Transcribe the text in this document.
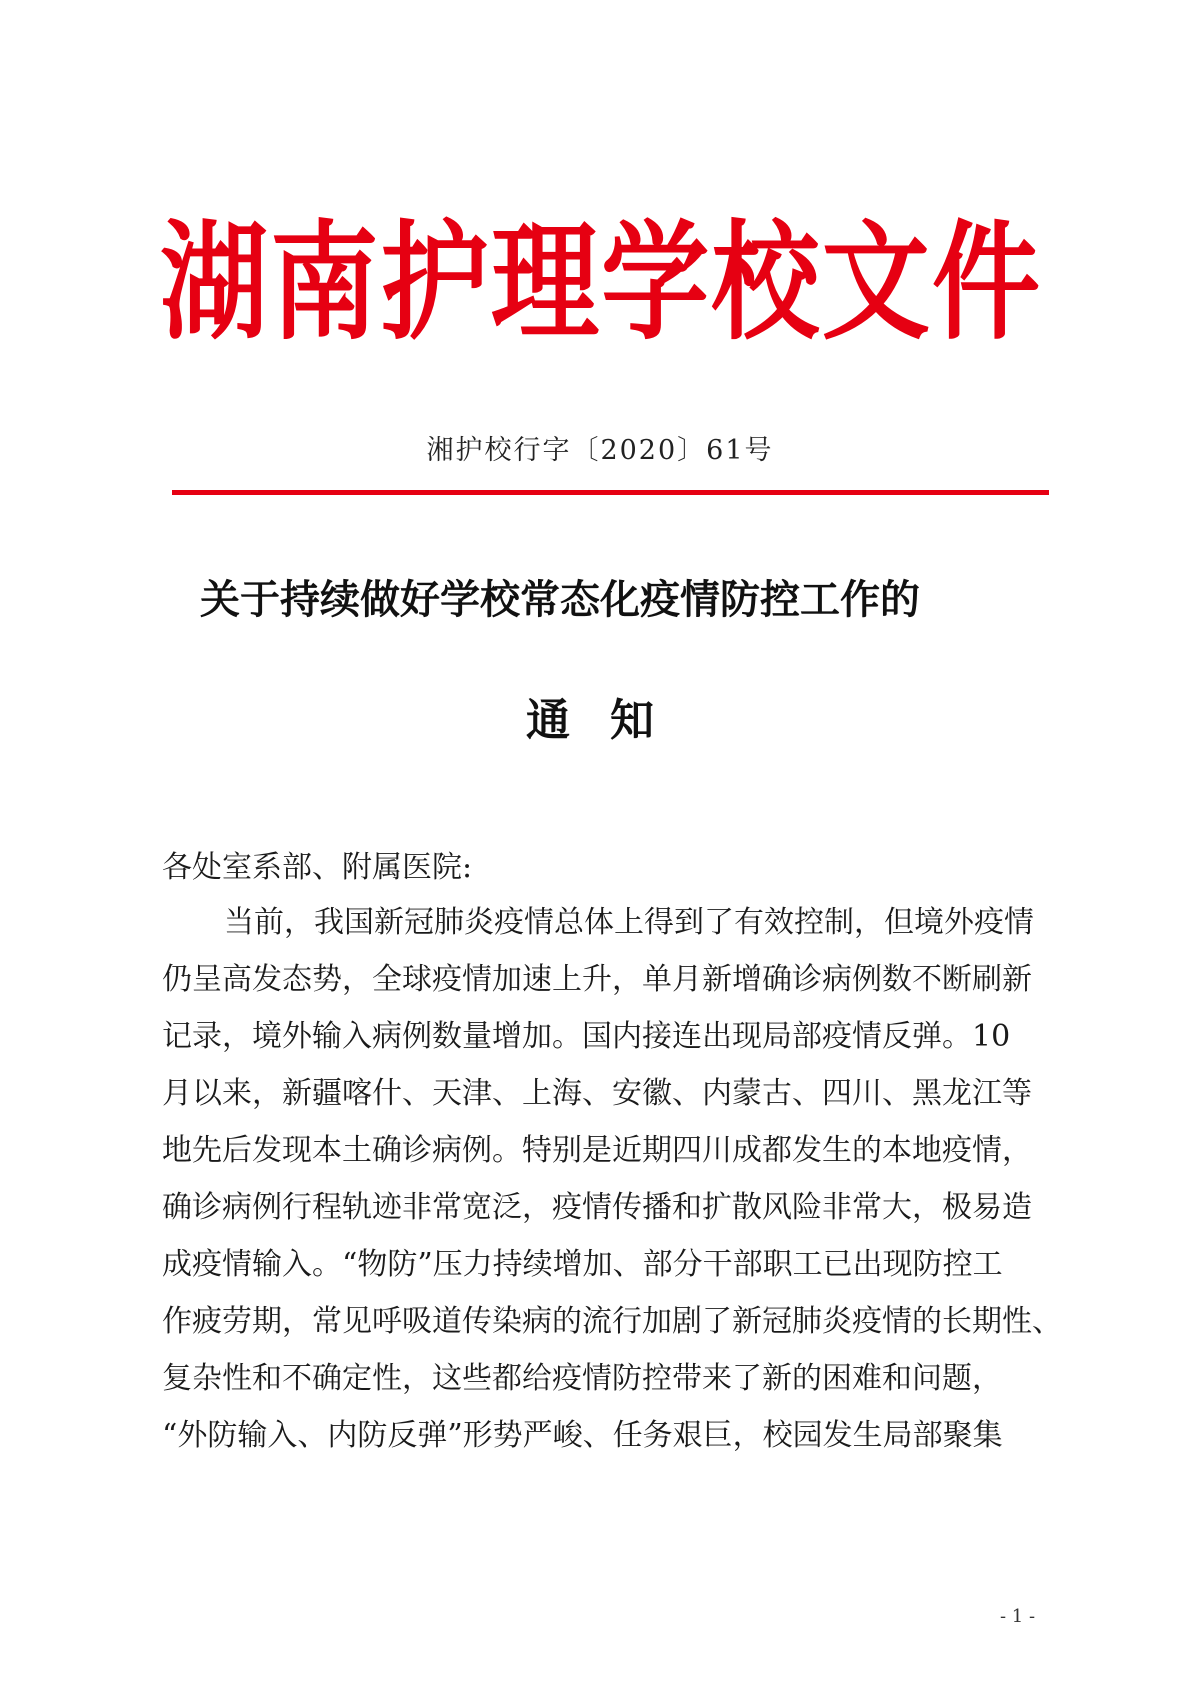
湖 南 护 理 学 校 文 件
湘护校行字〔2020〕61号
关于持续做好学校常态化疫情防控工作的
通知
各处室系部、附属医院:
当前，我国新冠肺炎疫情总体上得到了有效控制，但境外疫情
仍呈高发态势，全球疫情加速上升，单月新增确诊病例数不断刷新
记录，境外输入病例数量增加。国内接连出现局部疫情反弹。10
月以来，新疆喀什、天津、上海、安徽、内蒙古、四川、黑龙江等
地先后发现本土确诊病例。特别是近期四川成都发生的本地疫情，
确诊病例行程轨迹非常宽泛，疫情传播和扩散风险非常大，极易造
成疫情输入。“物防”压力持续增加、部分干部职工已出现防控工
作疲劳期，常见呼吸道传染病的流行加剧了新冠肺炎疫情的长期性、
复杂性和不确定性，这些都给疫情防控带来了新的困难和问题，
“外防输入、内防反弹”形势严峻、任务艰巨，校园发生局部聚集
- 1 -
